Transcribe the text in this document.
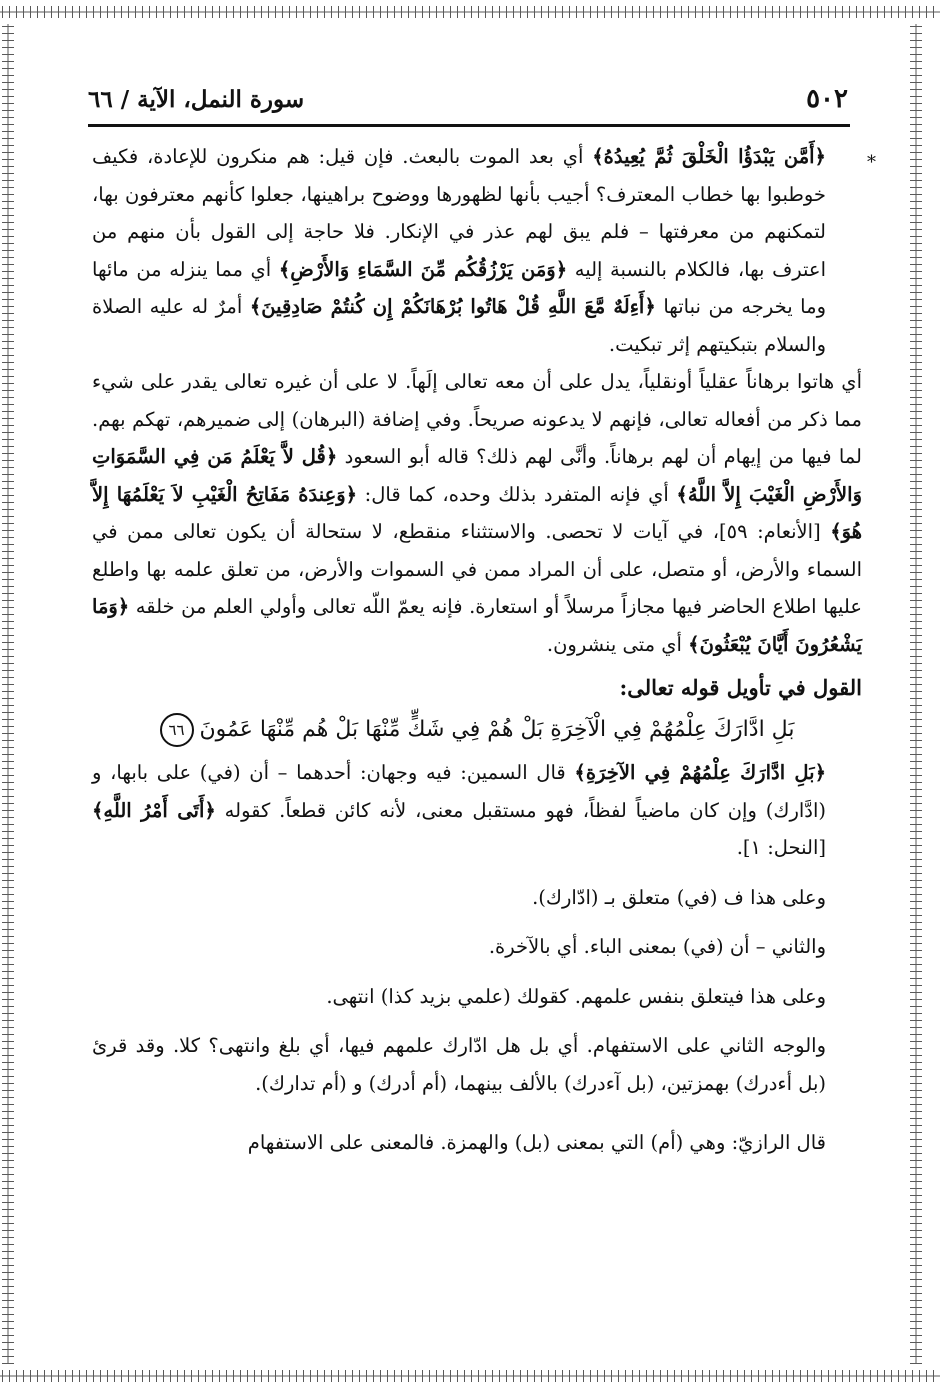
٥٠٢
سورة النمل، الآية / ٦٦
*

﴿أَمَّن يَبْدَؤُا الْخَلْقَ ثُمَّ يُعِيدُهُ﴾ أي بعد الموت بالبعث. فإن قيل: هم منكرون للإعادة، فكيف خوطبوا بها خطاب المعترف؟ أجيب بأنها لظهورها ووضوح براهينها، جعلوا كأنهم معترفون بها، لتمكنهم من معرفتها – فلم يبق لهم عذر في الإنكار. فلا حاجة إلى القول بأن منهم من اعترف بها، فالكلام بالنسبة إليه ﴿وَمَن يَرْزُقُكُم مِّنَ السَّمَاءِ وَالأَرْضِ﴾ أي مما ينزله من مائها وما يخرجه من نباتها ﴿أَءِلَهٌ مَّعَ اللَّهِ قُلْ هَاتُوا بُرْهَانَكُمْ إِن كُنتُمْ صَادِقِينَ﴾ أمرٌ له عليه الصلاة والسلام بتبكيتهم إثر تبكيت.

أي هاتوا برهاناً عقلياً أونقلياً، يدل على أن معه تعالى إلَهاً. لا على أن غيره تعالى يقدر على شيء مما ذكر من أفعاله تعالى، فإنهم لا يدعونه صريحاً. وفي إضافة (البرهان) إلى ضميرهم، تهكم بهم. لما فيها من إيهام أن لهم برهاناً. وأنَّى لهم ذلك؟ قاله أبو السعود ﴿قُل لاَّ يَعْلَمُ مَن فِي السَّمَوَاتِ وَالأَرْضِ الْغَيْبَ إِلاَّ اللَّهُ﴾ أي فإنه المتفرد بذلك وحده، كما قال: ﴿وَعِندَهُ مَفَاتِحُ الْغَيْبِ لاَ يَعْلَمُهَا إِلاَّ هُوَ﴾ [الأنعام: ٥٩]، في آيات لا تحصى. والاستثناء منقطع، لا ستحالة أن يكون تعالى ممن في السماء والأرض، أو متصل، على أن المراد ممن في السموات والأرض، من تعلق علمه بها واطلع عليها اطلاع الحاضر فيها مجازاً مرسلاً أو استعارة. فإنه يعمّ اللّه تعالى وأولي العلم من خلقه ﴿وَمَا يَشْعُرُونَ أَيَّانَ يُبْعَثُونَ﴾ أي متى ينشرون.

القول في تأويل قوله تعالى:

بَلِ ادَّارَكَ عِلْمُهُمْ فِي الْآخِرَةِ بَلْ هُمْ فِي شَكٍّ مِّنْهَا بَلْ هُم مِّنْهَا عَمُونَ٦٦

﴿بَلِ ادَّارَكَ عِلْمُهُمْ فِي الآخِرَةِ﴾ قال السمين: فيه وجهان: أحدهما – أن (في) على بابها، و (ادَّارك) وإن كان ماضياً لفظاً، فهو مستقبل معنى، لأنه كائن قطعاً. كقوله ﴿أَتَى أَمْرُ اللَّهِ﴾ [النحل: ١].

وعلى هذا ف (في) متعلق بـ (ادّارك).

والثاني – أن (في) بمعنى الباء. أي بالآخرة.

وعلى هذا فيتعلق بنفس علمهم. كقولك (علمي بزيد كذا) انتهى.

والوجه الثاني على الاستفهام. أي بل هل ادّارك علمهم فيها، أي بلغ وانتهى؟ كلا. وقد قرئ (بل أءدرك) بهمزتين، (بل آءدرك) بالألف بينهما، (أم أدرك) و (أم تدارك).

قال الرازيّ: وهي (أم) التي بمعنى (بل) والهمزة. فالمعنى على الاستفهام
